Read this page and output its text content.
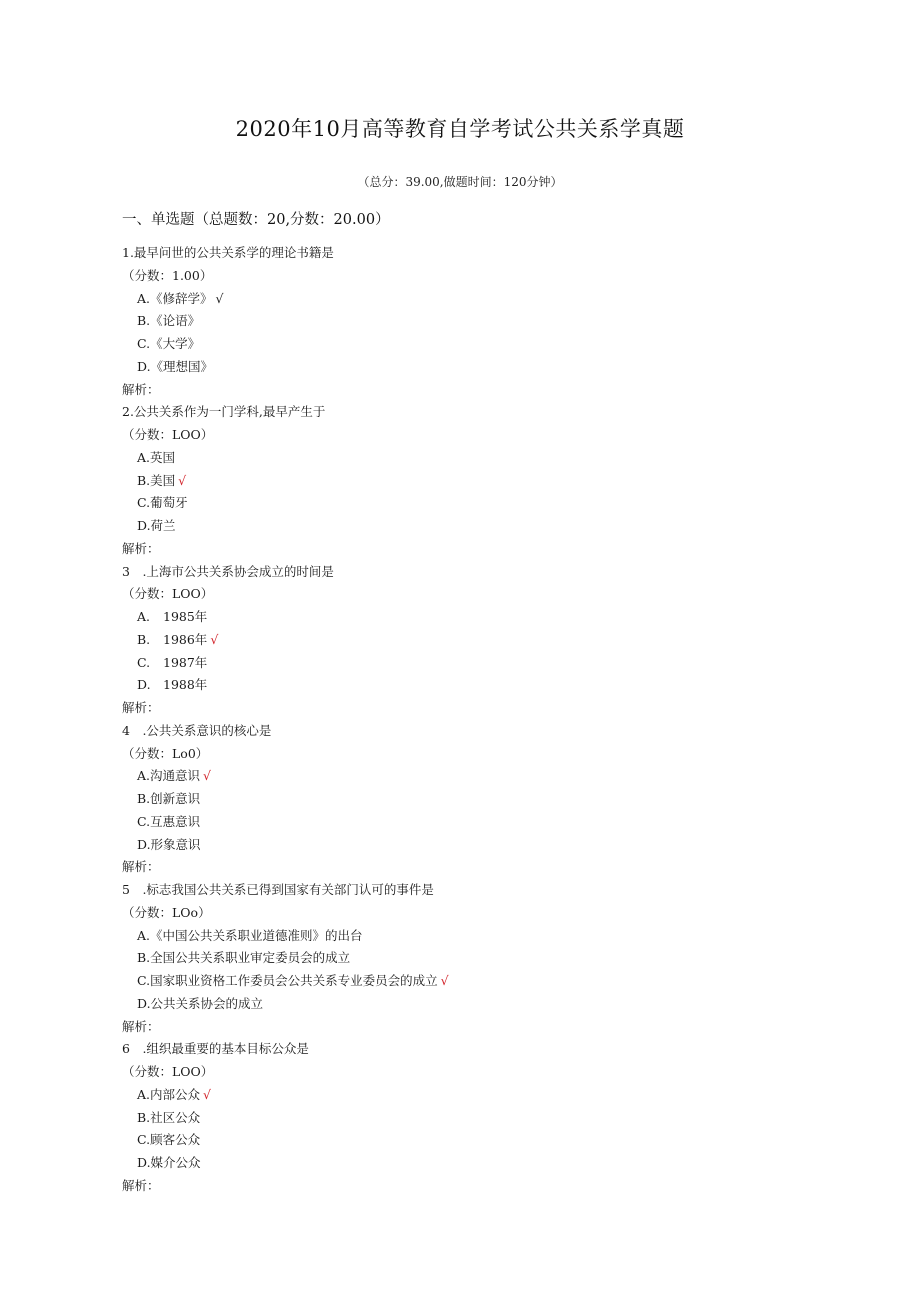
2020年10月高等教育自学考试公共关系学真题
（总分：39.00,做题时间：120分钟）
一、单选题（总题数：20,分数：20.00）
1.最早问世的公共关系学的理论书籍是
（分数：1.00）
A.《修辞学》 √
B.《论语》
C.《大学》
D.《理想国》
解析：
2.公共关系作为一门学科,最早产生于
（分数：LOO）
A.英国
B.美国 √
C.葡萄牙
D.荷兰
解析：
3　.上海市公共关系协会成立的时间是
（分数：LOO）
A. 1985年
B. 1986年 √
C. 1987年
D. 1988年
解析：
4　.公共关系意识的核心是
（分数：Lo0）
A.沟通意识 √
B.创新意识
C.互惠意识
D.形象意识
解析：
5　.标志我国公共关系已得到国家有关部门认可的事件是
（分数：LOo）
A.《中国公共关系职业道德准则》的出台
B.全国公共关系职业审定委员会的成立
C.国家职业资格工作委员会公共关系专业委员会的成立 √
D.公共关系协会的成立
解析：
6　.组织最重要的基本目标公众是
（分数：LOO）
A.内部公众 √
B.社区公众
C.顾客公众
D.媒介公众
解析：
